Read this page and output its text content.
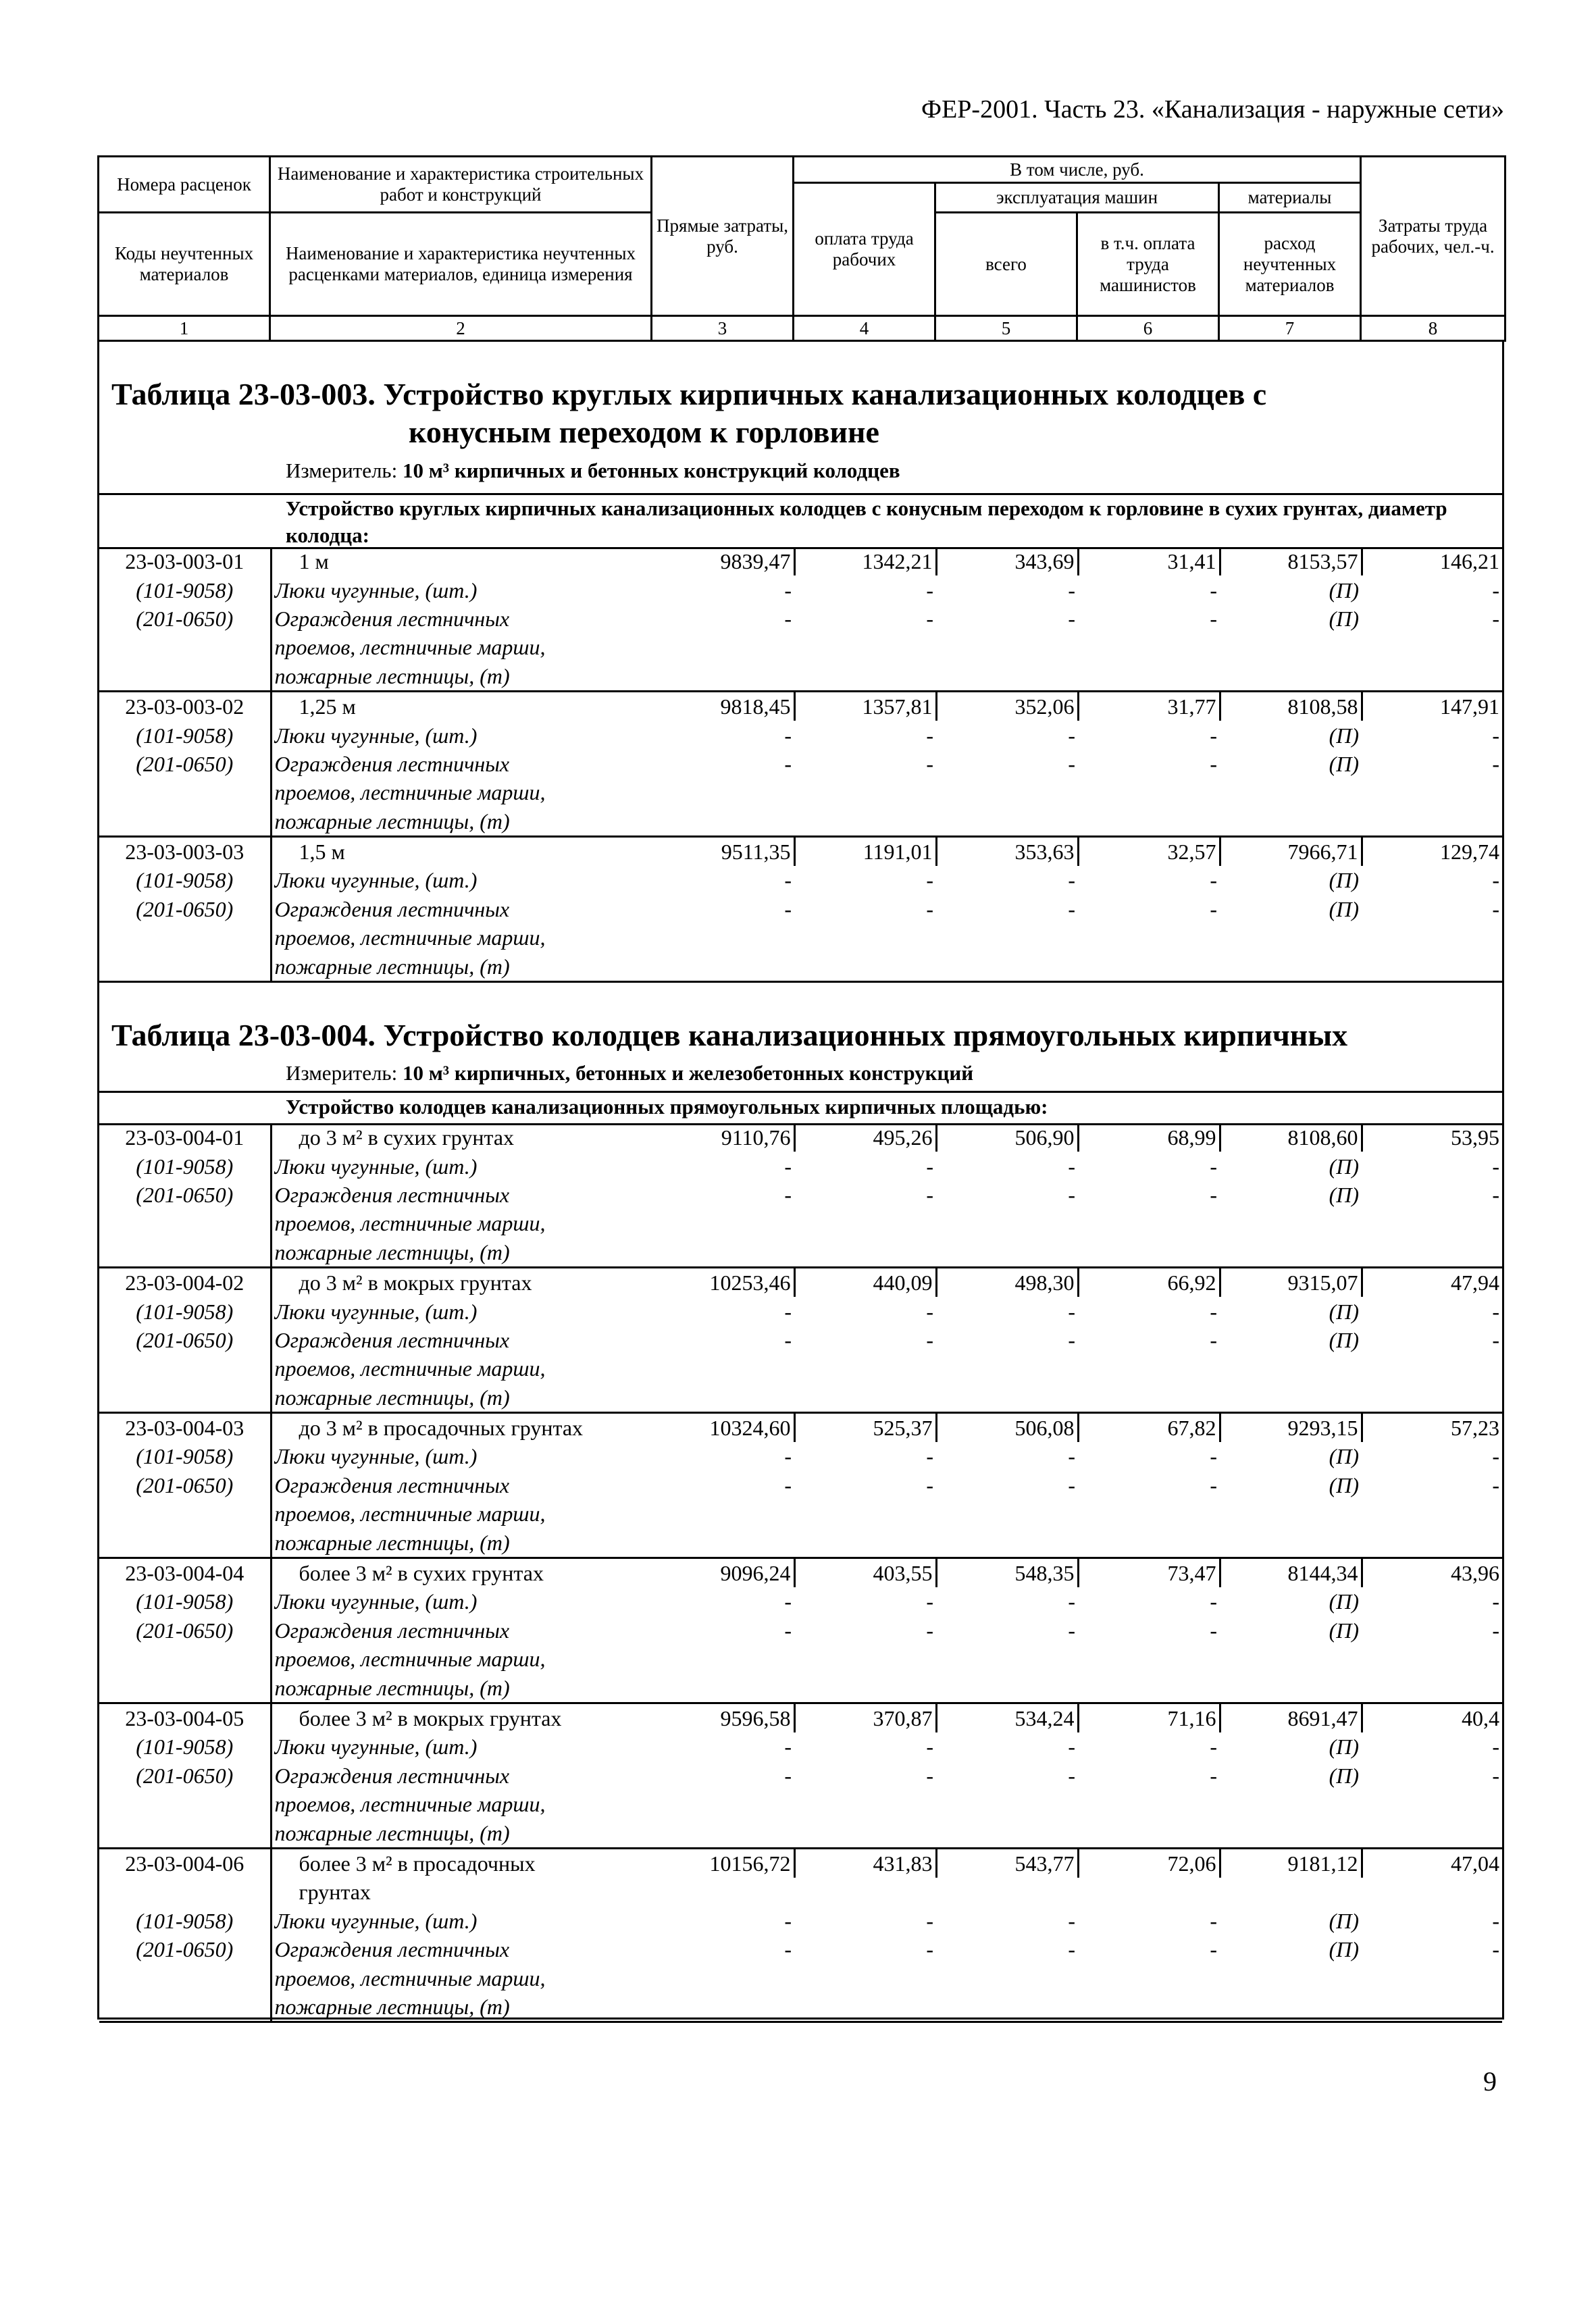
ФЕР-2001. Часть 23. «Канализация - наружные сети»
Номера расценок	Наименование и характеристика строительных работ и конструкций	Прямые затраты, руб.	В том числе, руб.				Затраты труда рабочих, чел.-ч.
			оплата труда рабочих	эксплуатация машин		материалы	
Коды неучтенных материалов	Наименование и характеристика неучтенных расценками материалов, единица измерения			всего	в т.ч. оплата труда машинистов	расход неучтенных материалов	
1	2	3	4	5	6	7	8
Таблица 23-03-003. Устройство круглых кирпичных канализационных колодцев с
конусным переходом к горловине
Измеритель: 10 м³ кирпичных и бетонных конструкций колодцев
Устройство круглых кирпичных канализационных колодцев с конусным переходом к горловине в сухих грунтах, диаметр колодца:
23-03-003-01	1 м	9839,47	1342,21	343,69	31,41	8153,57	146,21
(101-9058)	Люки чугунные, (шт.)	-	-	-	-	(П)	-
(201-0650)	Ограждения лестничных	-	-	-	-	(П)	-
	проемов, лестничные марши,						
	пожарные лестницы, (т)						
23-03-003-02	1,25 м	9818,45	1357,81	352,06	31,77	8108,58	147,91
(101-9058)	Люки чугунные, (шт.)	-	-	-	-	(П)	-
(201-0650)	Ограждения лестничных	-	-	-	-	(П)	-
	проемов, лестничные марши,						
	пожарные лестницы, (т)						
23-03-003-03	1,5 м	9511,35	1191,01	353,63	32,57	7966,71	129,74
(101-9058)	Люки чугунные, (шт.)	-	-	-	-	(П)	-
(201-0650)	Ограждения лестничных	-	-	-	-	(П)	-
	проемов, лестничные марши,						
	пожарные лестницы, (т)						
Таблица 23-03-004. Устройство колодцев канализационных прямоугольных кирпичных
Измеритель: 10 м³ кирпичных, бетонных и железобетонных конструкций
Устройство колодцев канализационных прямоугольных кирпичных площадью:
23-03-004-01	до 3 м² в сухих грунтах	9110,76	495,26	506,90	68,99	8108,60	53,95
(101-9058)	Люки чугунные, (шт.)	-	-	-	-	(П)	-
(201-0650)	Ограждения лестничных	-	-	-	-	(П)	-
	проемов, лестничные марши,						
	пожарные лестницы, (т)						
23-03-004-02	до 3 м² в мокрых грунтах	10253,46	440,09	498,30	66,92	9315,07	47,94
(101-9058)	Люки чугунные, (шт.)	-	-	-	-	(П)	-
(201-0650)	Ограждения лестничных	-	-	-	-	(П)	-
	проемов, лестничные марши,						
	пожарные лестницы, (т)						
23-03-004-03	до 3 м² в просадочных грунтах	10324,60	525,37	506,08	67,82	9293,15	57,23
(101-9058)	Люки чугунные, (шт.)	-	-	-	-	(П)	-
(201-0650)	Ограждения лестничных	-	-	-	-	(П)	-
	проемов, лестничные марши,						
	пожарные лестницы, (т)						
23-03-004-04	более 3 м² в сухих грунтах	9096,24	403,55	548,35	73,47	8144,34	43,96
(101-9058)	Люки чугунные, (шт.)	-	-	-	-	(П)	-
(201-0650)	Ограждения лестничных	-	-	-	-	(П)	-
	проемов, лестничные марши,						
	пожарные лестницы, (т)						
23-03-004-05	более 3 м² в мокрых грунтах	9596,58	370,87	534,24	71,16	8691,47	40,4
(101-9058)	Люки чугунные, (шт.)	-	-	-	-	(П)	-
(201-0650)	Ограждения лестничных	-	-	-	-	(П)	-
	проемов, лестничные марши,						
	пожарные лестницы, (т)						
23-03-004-06	более 3 м² в просадочных	10156,72	431,83	543,77	72,06	9181,12	47,04
	грунтах						
(101-9058)	Люки чугунные, (шт.)	-	-	-	-	(П)	-
(201-0650)	Ограждения лестничных	-	-	-	-	(П)	-
	проемов, лестничные марши,						
	пожарные лестницы, (т)						
9
